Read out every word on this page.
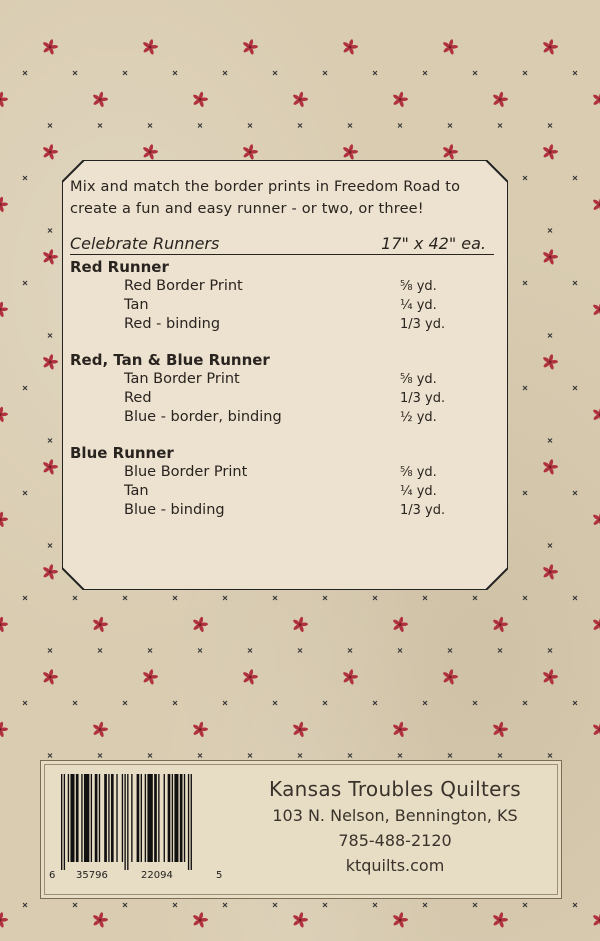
Mix and match the border prints in Freedom Road to create a fun and easy runner - or two, or three!

Celebrate Runners	17" x 42" ea.
Red Runner
Red Border Print	⅝ yd.
Tan	¼ yd.
Red - binding	1/3 yd.
Red, Tan & Blue Runner
Tan Border Print	⅝ yd.
Red	1/3 yd.
Blue - border, binding	½ yd.
Blue Runner
Blue Border Print	⅝ yd.
Tan	¼ yd.
Blue - binding	1/3 yd.
6 35796	22094	5
Kansas Troubles Quilters
103 N. Nelson, Bennington, KS
785-488-2120
ktquilts.com
